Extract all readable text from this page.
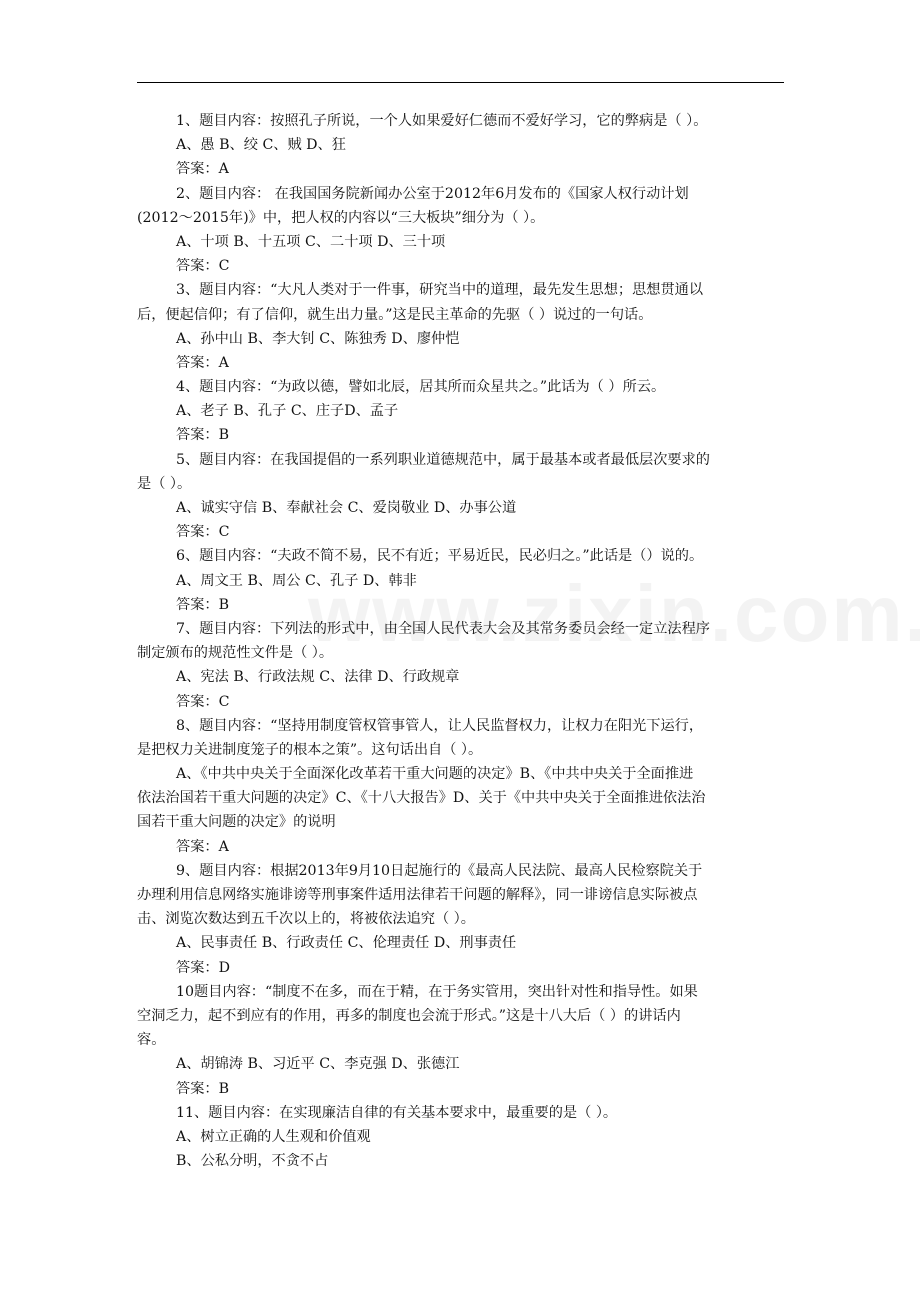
1、题目内容：按照孔子所说，一个人如果爱好仁德而不爱好学习，它的弊病是（ ）。
A、愚 B、绞 C、贼 D、狂
答案：A
2、题目内容： 在我国国务院新闻办公室于2012年6月发布的《国家人权行动计划
(2012～2015年)》中，把人权的内容以“三大板块”细分为（ ）。
A、十项 B、十五项 C、二十项 D、三十项
答案：C
3、题目内容：“大凡人类对于一件事，研究当中的道理，最先发生思想；思想贯通以
后，便起信仰；有了信仰，就生出力量。”这是民主革命的先驱（ ）说过的一句话。
A、孙中山 B、李大钊 C、陈独秀 D、廖仲恺
答案：A
4、题目内容：“为政以德，譬如北辰，居其所而众星共之。”此话为（ ）所云。
A、老子 B、孔子 C、庄子D、孟子
答案：B
5、题目内容：在我国提倡的一系列职业道德规范中，属于最基本或者最低层次要求的
是（ ）。
A、诚实守信 B、奉献社会 C、爱岗敬业 D、办事公道
答案：C
6、题目内容：“夫政不简不易，民不有近；平易近民，民必归之。”此话是（）说的。
A、周文王 B、周公 C、孔子 D、韩非
答案：B
7、题目内容：下列法的形式中，由全国人民代表大会及其常务委员会经一定立法程序
制定颁布的规范性文件是（ ）。
A、宪法 B、行政法规 C、法律 D、行政规章
答案：C
8、题目内容：“坚持用制度管权管事管人，让人民监督权力，让权力在阳光下运行，
是把权力关进制度笼子的根本之策”。这句话出自（ ）。
A、《中共中央关于全面深化改革若干重大问题的决定》B、《中共中央关于全面推进
依法治国若干重大问题的决定》C、《十八大报告》D、关于《中共中央关于全面推进依法治
国若干重大问题的决定》的说明
答案：A
9、题目内容：根据2013年9月10日起施行的《最高人民法院、最高人民检察院关于
办理利用信息网络实施诽谤等刑事案件适用法律若干问题的解释》，同一诽谤信息实际被点
击、浏览次数达到五千次以上的，将被依法追究（ ）。
A、民事责任 B、行政责任 C、伦理责任 D、刑事责任
答案：D
10题目内容：“制度不在多，而在于精，在于务实管用，突出针对性和指导性。如果
空洞乏力，起不到应有的作用，再多的制度也会流于形式。”这是十八大后（ ）的讲话内
容。
A、胡锦涛 B、习近平 C、李克强 D、张德江
答案：B
11、题目内容：在实现廉洁自律的有关基本要求中，最重要的是（ ）。
A、树立正确的人生观和价值观
B、公私分明，不贪不占
